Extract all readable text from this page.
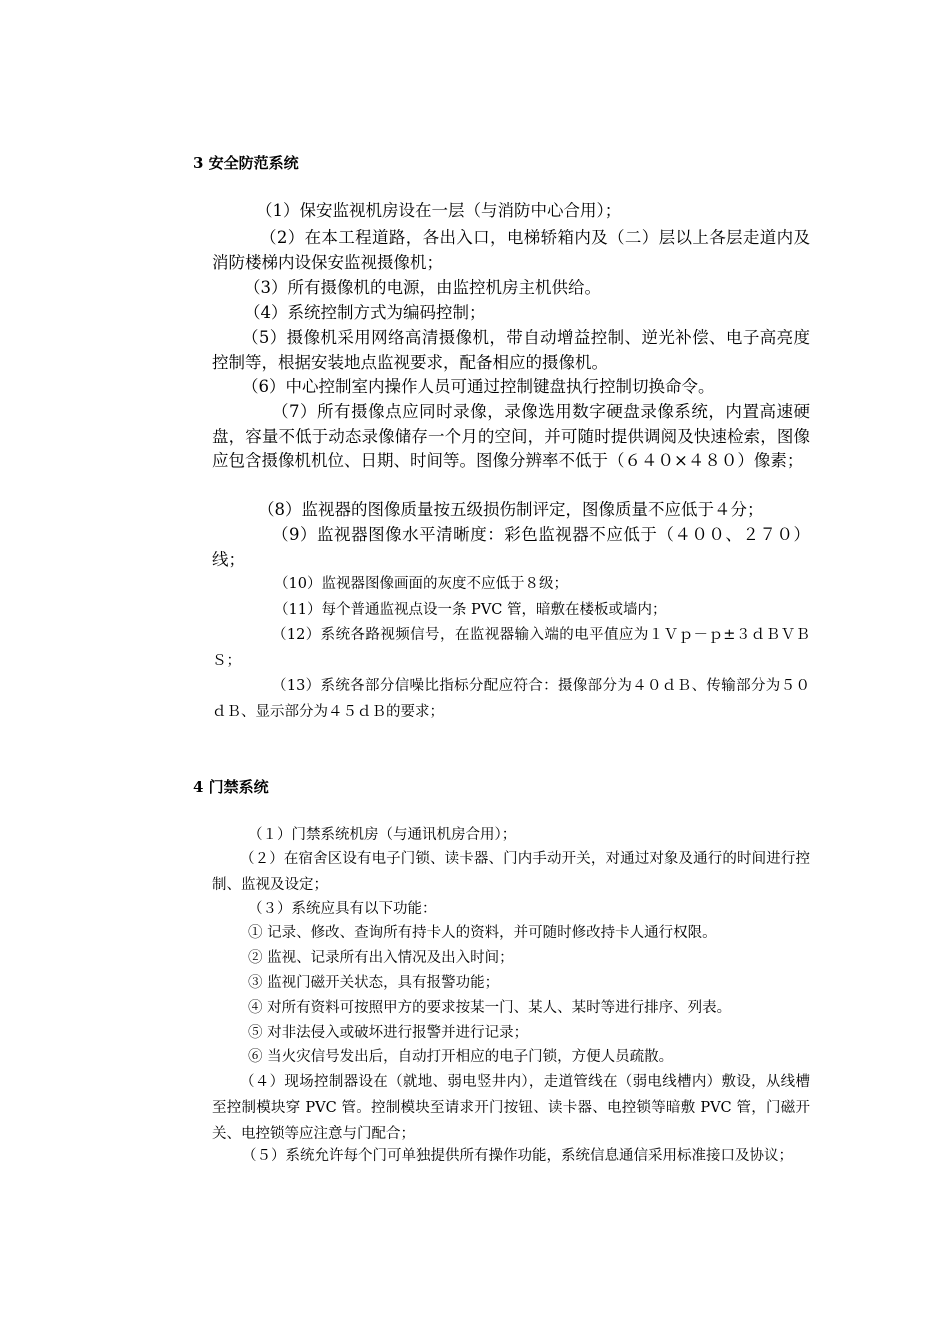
3 安全防范系统

（1）保安监视机房设在一层（与消防中心合用）；

（2）在本工程道路，各出入口，电梯轿箱内及（二）层以上各层走道内及消防楼梯内设保安监视摄像机；

（3）所有摄像机的电源，由监控机房主机供给。

（4）系统控制方式为编码控制；

（5）摄像机采用网络高清摄像机，带自动增益控制、逆光补偿、电子高亮度控制等，根据安装地点监视要求，配备相应的摄像机。

（6）中心控制室内操作人员可通过控制键盘执行控制切换命令。

（7）所有摄像点应同时录像，录像选用数字硬盘录像系统，内置高速硬盘，容量不低于动态录像储存一个月的空间，并可随时提供调阅及快速检索，图像应包含摄像机机位、日期、时间等。图像分辨率不低于（６４０×４８０）像素；

（8）监视器的图像质量按五级损伤制评定，图像质量不应低于４分；

（9）监视器图像水平清晰度：彩色监视器不应低于（４００、２７０）线；

（10）监视器图像画面的灰度不应低于８级；

（11）每个普通监视点设一条 PVC 管，暗敷在楼板或墙内；

（12）系统各路视频信号，在监视器输入端的电平值应为１Ｖｐ－ｐ±３ｄＢＶＢＳ；

（13）系统各部分信噪比指标分配应符合：摄像部分为４０ｄＢ、传输部分为５０ｄＢ、显示部分为４５ｄＢ的要求；

4 门禁系统

（１）门禁系统机房（与通讯机房合用）；

（２）在宿舍区设有电子门锁、读卡器、门内手动开关，对通过对象及通行的时间进行控制、监视及设定；

（３）系统应具有以下功能：

① 记录、修改、查询所有持卡人的资料，并可随时修改持卡人通行权限。

② 监视、记录所有出入情况及出入时间；

③ 监视门磁开关状态，具有报警功能；

④ 对所有资料可按照甲方的要求按某一门、某人、某时等进行排序、列表。

⑤ 对非法侵入或破坏进行报警并进行记录；

⑥ 当火灾信号发出后，自动打开相应的电子门锁，方便人员疏散。

（４）现场控制器设在（就地、弱电竖井内），走道管线在（弱电线槽内）敷设，从线槽至控制模块穿 PVC 管。控制模块至请求开门按钮、读卡器、电控锁等暗敷 PVC 管，门磁开关、电控锁等应注意与门配合；

（５）系统允许每个门可单独提供所有操作功能，系统信息通信采用标准接口及协议；
